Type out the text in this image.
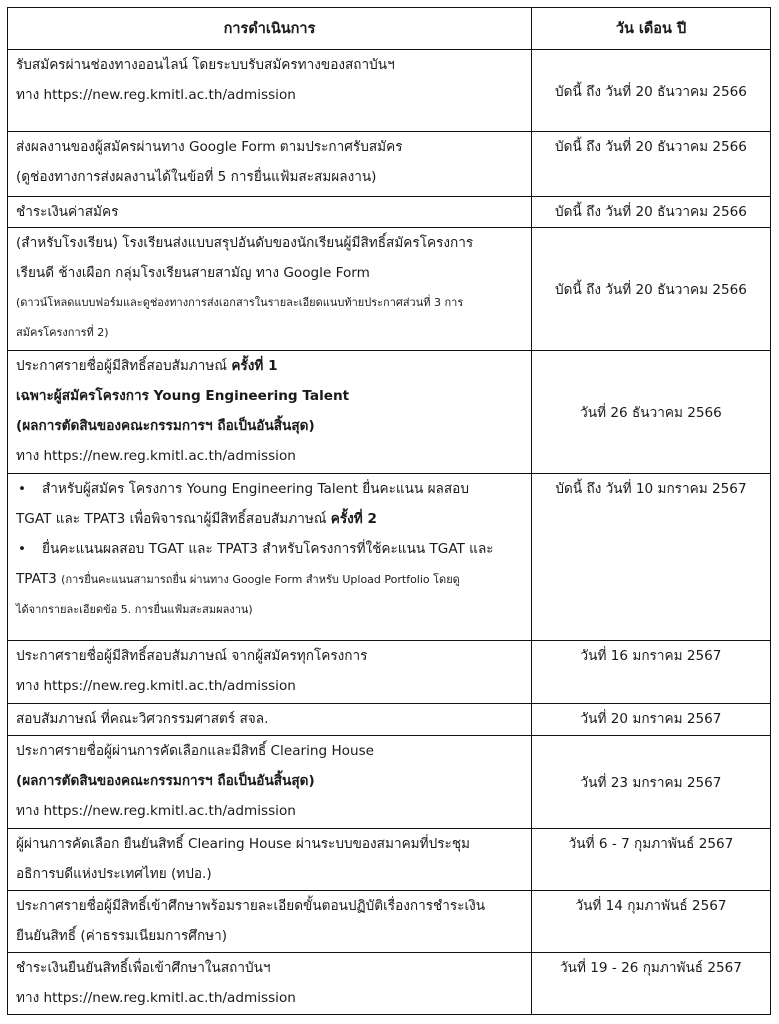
การดำเนินการ	วัน เดือน ปี

รับสมัครผ่านช่องทางออนไลน์ โดยระบบรับสมัครทางของสถาบันฯ
ทาง https://new.reg.kmitl.ac.th/admission	บัดนี้ ถึง วันที่ 20 ธันวาคม 2566

ส่งผลงานของผู้สมัครผ่านทาง Google Form ตามประกาศรับสมัคร
(ดูช่องทางการส่งผลงานได้ในข้อที่ 5 การยื่นแฟ้มสะสมผลงาน)	บัดนี้ ถึง วันที่ 20 ธันวาคม 2566

ชำระเงินค่าสมัคร	บัดนี้ ถึง วันที่ 20 ธันวาคม 2566

(สำหรับโรงเรียน) โรงเรียนส่งแบบสรุปอันดับของนักเรียนผู้มีสิทธิ์สมัครโครงการ
เรียนดี ช้างเผือก กลุ่มโรงเรียนสายสามัญ ทาง Google Form
(ดาวน์โหลดแบบฟอร์มและดูช่องทางการส่งเอกสารในรายละเอียดแนบท้ายประกาศส่วนที่ 3 การ
สมัครโครงการที่ 2)	บัดนี้ ถึง วันที่ 20 ธันวาคม 2566

ประกาศรายชื่อผู้มีสิทธิ์สอบสัมภาษณ์ ครั้งที่ 1
เฉพาะผู้สมัครโครงการ Young Engineering Talent
(ผลการตัดสินของคณะกรรมการฯ ถือเป็นอันสิ้นสุด)
ทาง https://new.reg.kmitl.ac.th/admission	วันที่ 26 ธันวาคม 2566

• สำหรับผู้สมัคร โครงการ Young Engineering Talent ยื่นคะแนน ผลสอบ
TGAT และ TPAT3 เพื่อพิจารณาผู้มีสิทธิ์สอบสัมภาษณ์ ครั้งที่ 2
• ยื่นคะแนนผลสอบ TGAT และ TPAT3 สำหรับโครงการที่ใช้คะแนน TGAT และ
TPAT3 (การยื่นคะแนนสามารถยื่น ผ่านทาง Google Form สำหรับ Upload Portfolio โดยดู
ได้จากรายละเอียดข้อ 5. การยื่นแฟ้มสะสมผลงาน)	บัดนี้ ถึง วันที่ 10 มกราคม 2567

ประกาศรายชื่อผู้มีสิทธิ์สอบสัมภาษณ์ จากผู้สมัครทุกโครงการ
ทาง https://new.reg.kmitl.ac.th/admission	วันที่ 16 มกราคม 2567

สอบสัมภาษณ์ ที่คณะวิศวกรรมศาสตร์ สจล.	วันที่ 20 มกราคม 2567

ประกาศรายชื่อผู้ผ่านการคัดเลือกและมีสิทธิ์ Clearing House
(ผลการตัดสินของคณะกรรมการฯ ถือเป็นอันสิ้นสุด)
ทาง https://new.reg.kmitl.ac.th/admission	วันที่ 23 มกราคม 2567

ผู้ผ่านการคัดเลือก ยืนยันสิทธิ์ Clearing House ผ่านระบบของสมาคมที่ประชุม
อธิการบดีแห่งประเทศไทย (ทปอ.)	วันที่ 6 - 7 กุมภาพันธ์ 2567

ประกาศรายชื่อผู้มีสิทธิ์เข้าศึกษาพร้อมรายละเอียดขั้นตอนปฏิบัติเรื่องการชำระเงิน
ยืนยันสิทธิ์ (ค่าธรรมเนียมการศึกษา)	วันที่ 14 กุมภาพันธ์ 2567

ชำระเงินยืนยันสิทธิ์เพื่อเข้าศึกษาในสถาบันฯ
ทาง https://new.reg.kmitl.ac.th/admission	วันที่ 19 - 26 กุมภาพันธ์ 2567
